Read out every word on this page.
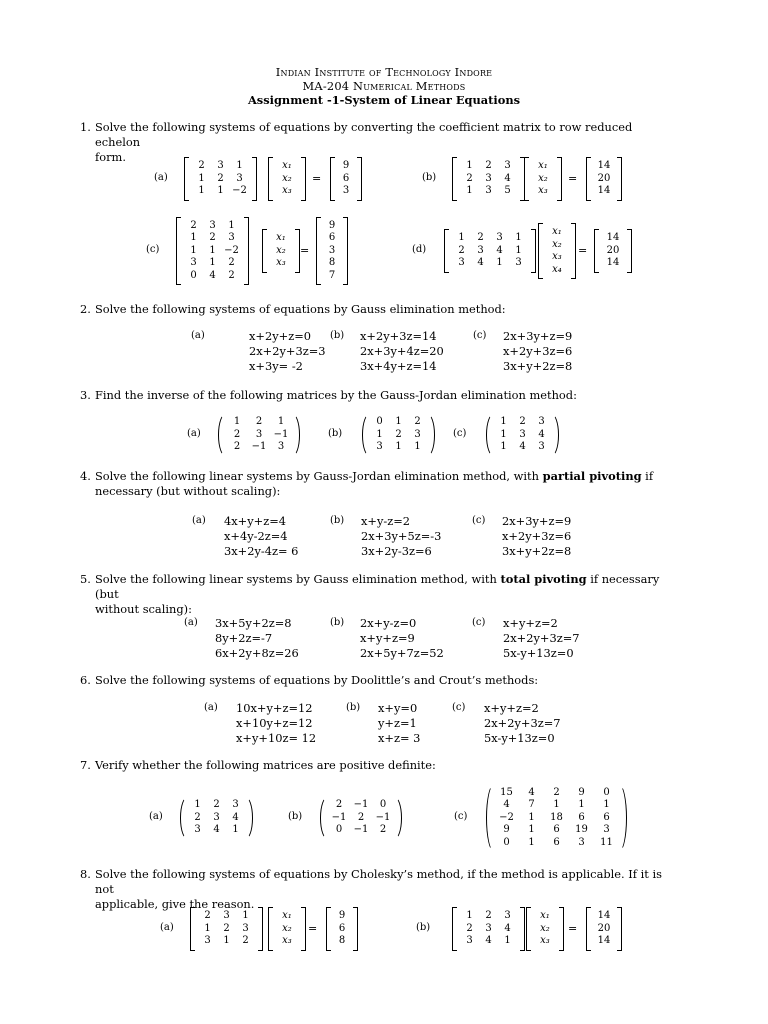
Indian Institute of Technology Indore
MA-204 Numerical Methods
Assignment -1-System of Linear Equations
1. Solve the following systems of equations by converting the coefficient matrix to row reduced echelon
form.
(a)
2	3	1
1	2	3
1	1 −2
x₁
x₂
x₃
=
9
6
3
(b)
1	2	3
2	3	4
1	3	5
x₁
x₂
x₃
=
14
20
14
(c)
2	3	1
1	2	3
1	1 −2
3	1	2
0	4	2
x₁
x₂
x₃
=
9
6
3
8
7
(d)
1	2	3	1
2	3	4	1
3	4	1	3
x₁
x₂
x₃
x₄
=
14
20
14
2. Solve the following systems of equations by Gauss elimination method:
(a)	x+2y+z=0
2x+2y+3z=3
x+3y= -2
(b) x+2y+3z=14
2x+3y+4z=20
3x+4y+z=14
(c) 2x+3y+z=9
x+2y+3z=6
3x+y+2z=8
3. Find the inverse of the following matrices by the Gauss-Jordan elimination method:
(a)
1	2	1
2	3	−1
2	−1	3
(b)
0	1	2
1	2	3
3	1	1
(c)
1	2	3
1	3	4
1	4	3
4. Solve the following linear systems by Gauss-Jordan elimination method, with partial pivoting if
necessary (but without scaling):
(a) 4x+y+z=4
x+4y-2z=4
3x+2y-4z= 6
(b) x+y-z=2
2x+3y+5z=-3
3x+2y-3z=6
(c) 2x+3y+z=9
x+2y+3z=6
3x+y+2z=8
5. Solve the following linear systems by Gauss elimination method, with total pivoting if necessary (but
without scaling):
(a) 3x+5y+2z=8
8y+2z=-7
6x+2y+8z=26
(b) 2x+y-z=0
x+y+z=9
2x+5y+7z=52
(c) x+y+z=2
2x+2y+3z=7
5x-y+13z=0
6. Solve the following systems of equations by Doolittle’s and Crout’s methods:
(a) 10x+y+z=12
x+10y+z=12
x+y+10z= 12
(b) x+y=0
y+z=1
x+z= 3
(c) x+y+z=2
2x+2y+3z=7
5x-y+13z=0
7. Verify whether the following matrices are positive definite:
(a)
1	2	3
2	3	4
3	4	1
(b)
2	−1	0
−1	2	−1
0	−1	2
(c)
15	4	2	9	0
4	7	1	1	1
−2	1	18	6	6
9	1	6	19	3
0	1	6	3	11
8. Solve the following systems of equations by Cholesky’s method, if the method is applicable. If it is not
applicable, give the reason.
(a)
2	3	1
1	2	3
3	1	2
x₁
x₂
x₃
=
9
6
8
(b)
1	2	3
2	3	4
3	4	1
x₁
x₂
x₃
=
14
20
14
